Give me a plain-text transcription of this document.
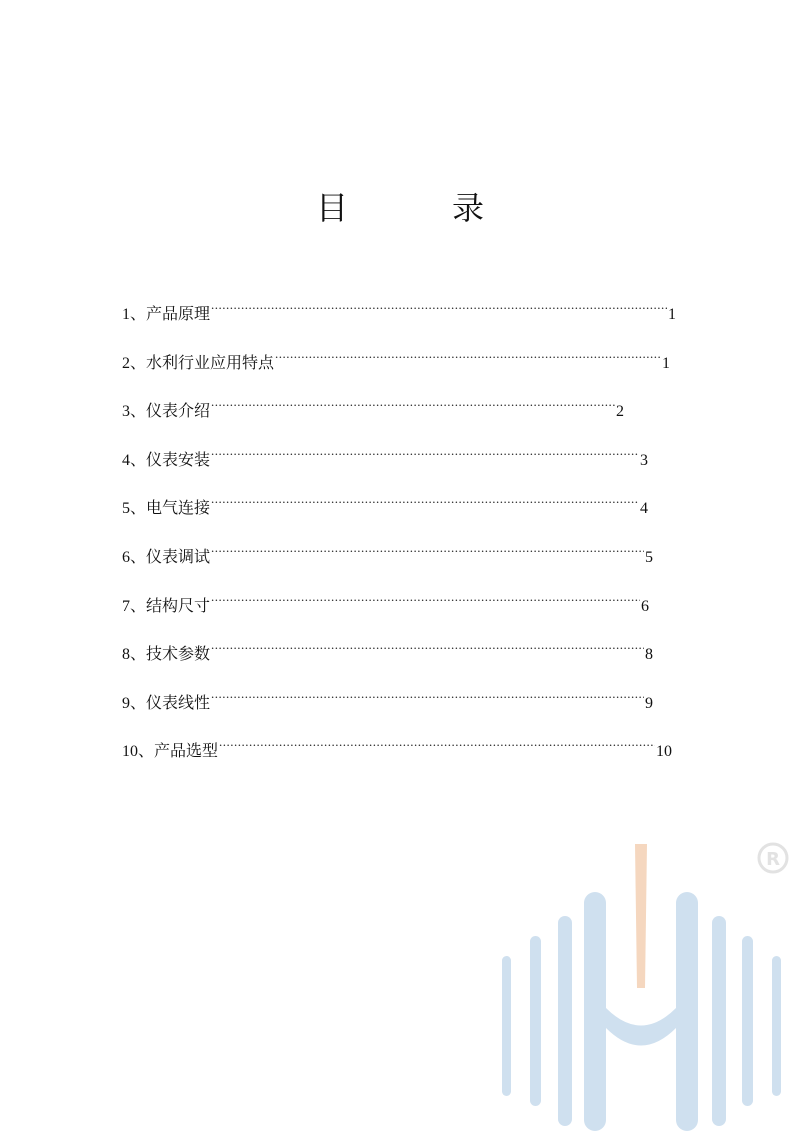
目　录
1、 产品原理 .....	1
2、 水利行业应用特点 .....	1
3、 仪表介绍 .....	2
4、 仪表安装 .....	3
5、 电气连接 .....	4
6、 仪表调试 .....	5
7、 结构尺寸 .....	6
8、 技术参数 .....	8
9、 仪表线性 .....	9
10、 产品选型 .....	10
R
